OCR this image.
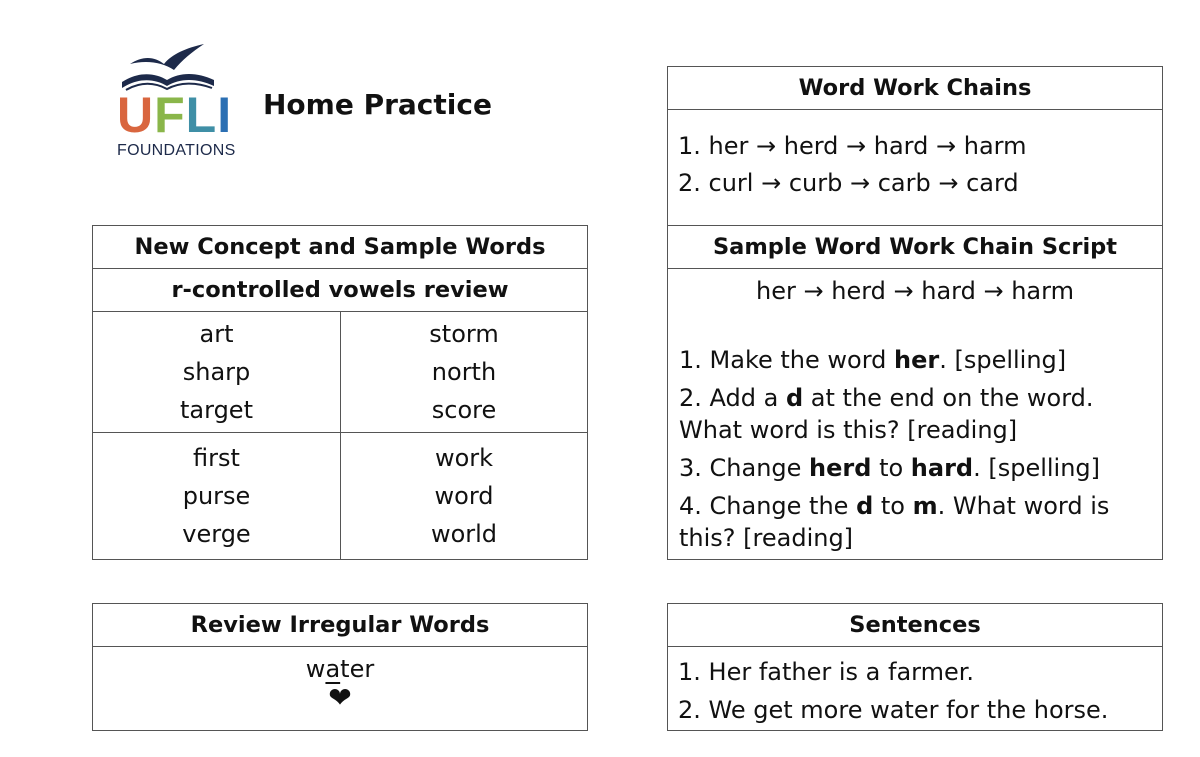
UFLI
FOUNDATIONS
Home Practice
New Concept and Sample Words
r-controlled vowels review
art
sharp
target
storm
north
score
first
purse
verge
work
word
world
Word Work Chains
1. her → herd → hard → harm
2. curl → curb → carb → card
Sample Word Work Chain Script
her → herd → hard → harm

1. Make the word her. [spelling]

2. Add a d at the end on the word. What word is this? [reading]

3. Change herd to hard. [spelling]

4. Change the d to m. What word is this? [reading]

Review Irregular Words
water
❤
Sentences
1. Her father is a farmer.
2. We get more water for the horse.
